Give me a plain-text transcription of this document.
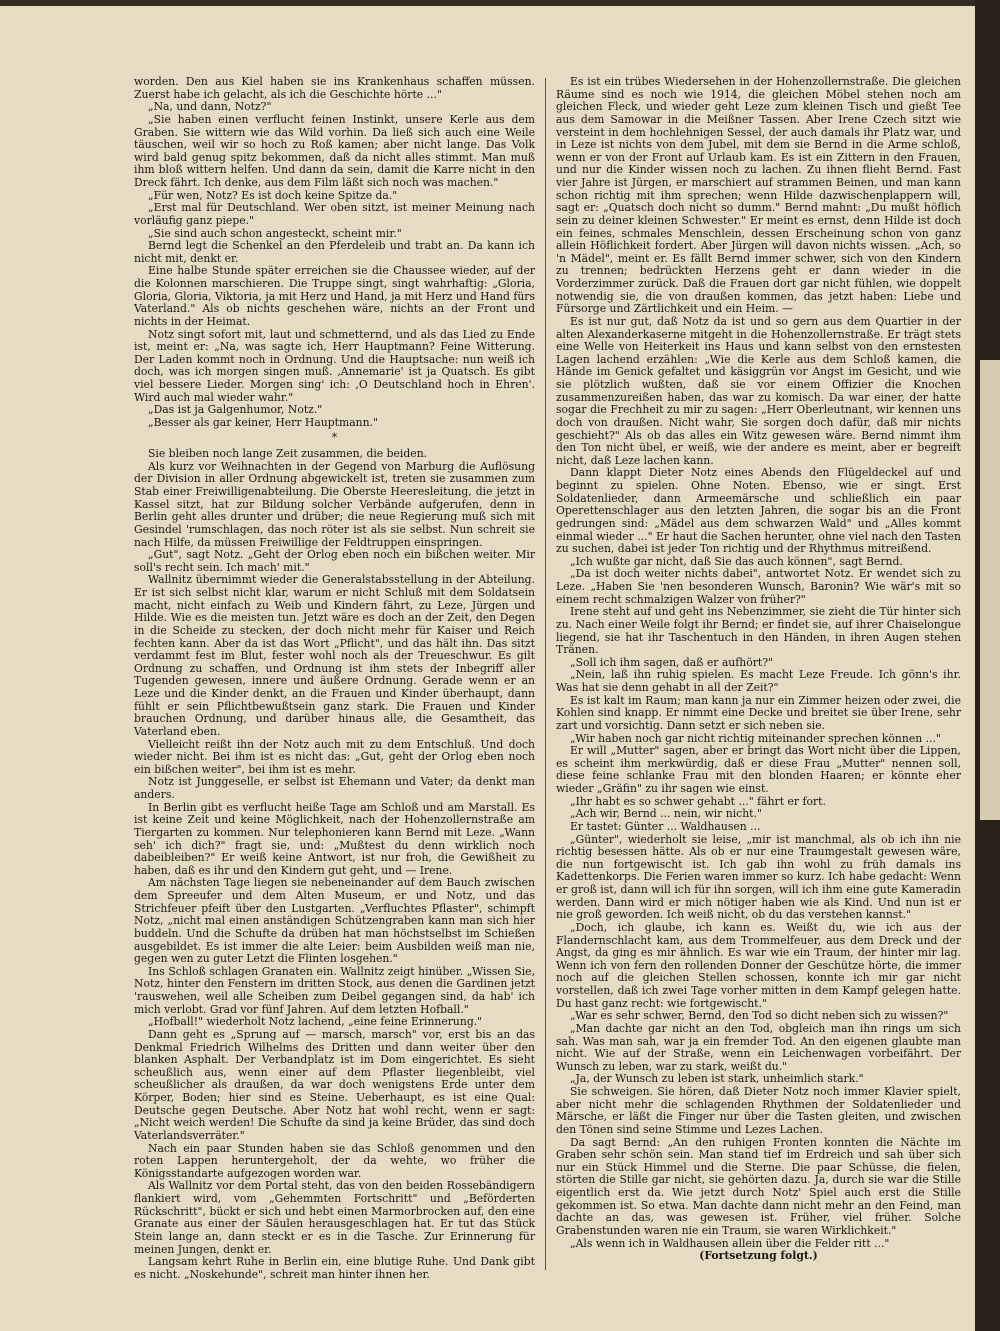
worden. Den aus Kiel haben sie ins Krankenhaus schaffen müssen. Zuerst habe ich gelacht, als ich die Geschichte hörte ..."

„Na, und dann, Notz?"

„Sie haben einen verflucht feinen Instinkt, unsere Kerle aus dem Graben. Sie wittern wie das Wild vorhin. Da ließ sich auch eine Weile täuschen, weil wir so hoch zu Roß kamen; aber nicht lange. Das Volk wird bald genug spitz bekommen, daß da nicht alles stimmt. Man muß ihm bloß wittern helfen. Und dann da sein, damit die Karre nicht in den Dreck fährt. Ich denke, aus dem Film läßt sich noch was machen."

„Für wen, Notz? Es ist doch keine Spitze da."

„Erst mal für Deutschland. Wer oben sitzt, ist meiner Meinung nach vorläufig ganz piepe."

„Sie sind auch schon angesteckt, scheint mir."

Bernd legt die Schenkel an den Pferdeleib und trabt an. Da kann ich nicht mit, denkt er.

Eine halbe Stunde später erreichen sie die Chaussee wieder, auf der die Kolonnen marschieren. Die Truppe singt, singt wahrhaftig: „Gloria, Gloria, Gloria, Viktoria, ja mit Herz und Hand, ja mit Herz und Hand fürs Vaterland." Als ob nichts geschehen wäre, nichts an der Front und nichts in der Heimat.

Notz singt sofort mit, laut und schmetternd, und als das Lied zu Ende ist, meint er: „Na, was sagte ich, Herr Hauptmann? Feine Witterung. Der Laden kommt noch in Ordnung. Und die Hauptsache: nun weiß ich doch, was ich morgen singen muß. ‚Annemarie' ist ja Quatsch. Es gibt viel bessere Lieder. Morgen sing' ich: ‚O Deutschland hoch in Ehren'. Wird auch mal wieder wahr."

„Das ist ja Galgenhumor, Notz."

„Besser als gar keiner, Herr Hauptmann."

*

Sie bleiben noch lange Zeit zusammen, die beiden.

Als kurz vor Weihnachten in der Gegend von Marburg die Auflösung der Division in aller Ordnung abgewickelt ist, treten sie zusammen zum Stab einer Freiwilligenabteilung. Die Oberste Heeresleitung, die jetzt in Kassel sitzt, hat zur Bildung solcher Verbände aufgerufen, denn in Berlin geht alles drunter und drüber; die neue Regierung muß sich mit Gesindel 'rumschlagen, das noch röter ist als sie selbst. Nun schreit sie nach Hilfe, da müssen Freiwillige der Feldtruppen einspringen.

„Gut", sagt Notz. „Geht der Orlog eben noch ein bißchen weiter. Mir soll's recht sein. Ich mach' mit."

Wallnitz übernimmt wieder die Generalstabsstellung in der Abteilung. Er ist sich selbst nicht klar, warum er nicht Schluß mit dem Soldatsein macht, nicht einfach zu Weib und Kindern fährt, zu Leze, Jürgen und Hilde. Wie es die meisten tun. Jetzt wäre es doch an der Zeit, den Degen in die Scheide zu stecken, der doch nicht mehr für Kaiser und Reich fechten kann. Aber da ist das Wort „Pflicht", und das hält ihn. Das sitzt verdammt fest im Blut, fester wohl noch als der Treueschwur. Es gilt Ordnung zu schaffen, und Ordnung ist ihm stets der Inbegriff aller Tugenden gewesen, innere und äußere Ordnung. Gerade wenn er an Leze und die Kinder denkt, an die Frauen und Kinder überhaupt, dann fühlt er sein Pflichtbewußtsein ganz stark. Die Frauen und Kinder brauchen Ordnung, und darüber hinaus alle, die Gesamtheit, das Vaterland eben.

Vielleicht reißt ihn der Notz auch mit zu dem Entschluß. Und doch wieder nicht. Bei ihm ist es nicht das: „Gut, geht der Orlog eben noch ein bißchen weiter", bei ihm ist es mehr.

Notz ist Junggeselle, er selbst ist Ehemann und Vater; da denkt man anders.

In Berlin gibt es verflucht heiße Tage am Schloß und am Marstall. Es ist keine Zeit und keine Möglichkeit, nach der Hohenzollernstraße am Tiergarten zu kommen. Nur telephonieren kann Bernd mit Leze. „Wann seh' ich dich?" fragt sie, und: „Mußtest du denn wirklich noch dabeibleiben?" Er weiß keine Antwort, ist nur froh, die Gewißheit zu haben, daß es ihr und den Kindern gut geht, und — Irene.

Am nächsten Tage liegen sie nebeneinander auf dem Bauch zwischen dem Spreeufer und dem Alten Museum, er und Notz, und das Strichfeuer pfeift über den Lustgarten. „Verfluchtes Pflaster", schimpft Notz, „nicht mal einen anständigen Schützengraben kann man sich hier buddeln. Und die Schufte da drüben hat man höchstselbst im Schießen ausgebildet. Es ist immer die alte Leier: beim Ausbilden weiß man nie, gegen wen zu guter Letzt die Flinten losgehen."

Ins Schloß schlagen Granaten ein. Wallnitz zeigt hinüber. „Wissen Sie, Notz, hinter den Fenstern im dritten Stock, aus denen die Gardinen jetzt 'rauswehen, weil alle Scheiben zum Deibel gegangen sind, da hab' ich mich verlobt. Grad vor fünf Jahren. Auf dem letzten Hofball."

„Hofball!" wiederholt Notz lachend, „eine feine Erinnerung."

Dann geht es „Sprung auf — marsch, marsch" vor, erst bis an das Denkmal Friedrich Wilhelms des Dritten und dann weiter über den blanken Asphalt. Der Verbandplatz ist im Dom eingerichtet. Es sieht scheußlich aus, wenn einer auf dem Pflaster liegenbleibt, viel scheußlicher als draußen, da war doch wenigstens Erde unter dem Körper, Boden; hier sind es Steine. Ueberhaupt, es ist eine Qual: Deutsche gegen Deutsche. Aber Notz hat wohl recht, wenn er sagt: „Nicht weich werden! Die Schufte da sind ja keine Brüder, das sind doch Vaterlandsverräter."

Nach ein paar Stunden haben sie das Schloß genommen und den roten Lappen heruntergeholt, der da wehte, wo früher die Königsstandarte aufgezogen worden war.

Als Wallnitz vor dem Portal steht, das von den beiden Rossebändigern flankiert wird, vom „Gehemmten Fortschritt" und „Beförderten Rückschritt", bückt er sich und hebt einen Marmorbrocken auf, den eine Granate aus einer der Säulen herausgeschlagen hat. Er tut das Stück Stein lange an, dann steckt er es in die Tasche. Zur Erinnerung für meinen Jungen, denkt er.

Langsam kehrt Ruhe in Berlin ein, eine blutige Ruhe. Und Dank gibt es nicht. „Noskehunde", schreit man hinter ihnen her.

Es ist ein trübes Wiedersehen in der Hohenzollernstraße. Die gleichen Räume sind es noch wie 1914, die gleichen Möbel stehen noch am gleichen Fleck, und wieder geht Leze zum kleinen Tisch und gießt Tee aus dem Samowar in die Meißner Tassen. Aber Irene Czech sitzt wie versteint in dem hochlehnigen Sessel, der auch damals ihr Platz war, und in Leze ist nichts von dem Jubel, mit dem sie Bernd in die Arme schloß, wenn er von der Front auf Urlaub kam. Es ist ein Zittern in den Frauen, und nur die Kinder wissen noch zu lachen. Zu ihnen flieht Bernd. Fast vier Jahre ist Jürgen, er marschiert auf strammen Beinen, und man kann schon richtig mit ihm sprechen; wenn Hilde dazwischenplappern will, sagt er: „Quatsch doch nicht so dumm." Bernd mahnt: „Du mußt höflich sein zu deiner kleinen Schwester." Er meint es ernst, denn Hilde ist doch ein feines, schmales Menschlein, dessen Erscheinung schon von ganz allein Höflichkeit fordert. Aber Jürgen will davon nichts wissen. „Ach, so 'n Mädel", meint er. Es fällt Bernd immer schwer, sich von den Kindern zu trennen; bedrückten Herzens geht er dann wieder in die Vorderzimmer zurück. Daß die Frauen dort gar nicht fühlen, wie doppelt notwendig sie, die von draußen kommen, das jetzt haben: Liebe und Fürsorge und Zärtlichkeit und ein Heim. —

Es ist nur gut, daß Notz da ist und so gern aus dem Quartier in der alten Alexanderkaserne mitgeht in die Hohenzollernstraße. Er trägt stets eine Welle von Heiterkeit ins Haus und kann selbst von den ernstesten Lagen lachend erzählen: „Wie die Kerle aus dem Schloß kamen, die Hände im Genick gefaltet und käsiggrün vor Angst im Gesicht, und wie sie plötzlich wußten, daß sie vor einem Offizier die Knochen zusammenzureißen haben, das war zu komisch. Da war einer, der hatte sogar die Frechheit zu mir zu sagen: „Herr Oberleutnant, wir kennen uns doch von draußen. Nicht wahr, Sie sorgen doch dafür, daß mir nichts geschieht?" Als ob das alles ein Witz gewesen wäre. Bernd nimmt ihm den Ton nicht übel, er weiß, wie der andere es meint, aber er begreift nicht, daß Leze lachen kann.

Dann klappt Dieter Notz eines Abends den Flügeldeckel auf und beginnt zu spielen. Ohne Noten. Ebenso, wie er singt. Erst Soldatenlieder, dann Armeemärsche und schließlich ein paar Operettenschlager aus den letzten Jahren, die sogar bis an die Front gedrungen sind: „Mädel aus dem schwarzen Wald" und „Alles kommt einmal wieder ..." Er haut die Sachen herunter, ohne viel nach den Tasten zu suchen, dabei ist jeder Ton richtig und der Rhythmus mitreißend.

„Ich wußte gar nicht, daß Sie das auch können", sagt Bernd.

„Da ist doch weiter nichts dabei", antwortet Notz. Er wendet sich zu Leze. „Haben Sie 'nen besonderen Wunsch, Baronin? Wie wär's mit so einem recht schmalzigen Walzer von früher?"

Irene steht auf und geht ins Nebenzimmer, sie zieht die Tür hinter sich zu. Nach einer Weile folgt ihr Bernd; er findet sie, auf ihrer Chaiselongue liegend, sie hat ihr Taschentuch in den Händen, in ihren Augen stehen Tränen.

„Soll ich ihm sagen, daß er aufhört?"

„Nein, laß ihn ruhig spielen. Es macht Leze Freude. Ich gönn's ihr. Was hat sie denn gehabt in all der Zeit?"

Es ist kalt im Raum; man kann ja nur ein Zimmer heizen oder zwei, die Kohlen sind knapp. Er nimmt eine Decke und breitet sie über Irene, sehr zart und vorsichtig. Dann setzt er sich neben sie.

„Wir haben noch gar nicht richtig miteinander sprechen können ..."

Er will „Mutter" sagen, aber er bringt das Wort nicht über die Lippen, es scheint ihm merkwürdig, daß er diese Frau „Mutter" nennen soll, diese feine schlanke Frau mit den blonden Haaren; er könnte eher wieder „Gräfin" zu ihr sagen wie einst.

„Ihr habt es so schwer gehabt ..." fährt er fort.

„Ach wir, Bernd ... nein, wir nicht."

Er tastet: Günter ... Waldhausen ...

„Günter", wiederholt sie leise, „mir ist manchmal, als ob ich ihn nie richtig besessen hätte. Als ob er nur eine Traumgestalt gewesen wäre, die nun fortgewischt ist. Ich gab ihn wohl zu früh damals ins Kadettenkorps. Die Ferien waren immer so kurz. Ich habe gedacht: Wenn er groß ist, dann will ich für ihn sorgen, will ich ihm eine gute Kameradin werden. Dann wird er mich nötiger haben wie als Kind. Und nun ist er nie groß geworden. Ich weiß nicht, ob du das verstehen kannst."

„Doch, ich glaube, ich kann es. Weißt du, wie ich aus der Flandernschlacht kam, aus dem Trommelfeuer, aus dem Dreck und der Angst, da ging es mir ähnlich. Es war wie ein Traum, der hinter mir lag. Wenn ich von fern den rollenden Donner der Geschütze hörte, die immer noch auf die gleichen Stellen schossen, konnte ich mir gar nicht vorstellen, daß ich zwei Tage vorher mitten in dem Kampf gelegen hatte. Du hast ganz recht: wie fortgewischt."

„War es sehr schwer, Bernd, den Tod so dicht neben sich zu wissen?"

„Man dachte gar nicht an den Tod, obgleich man ihn rings um sich sah. Was man sah, war ja ein fremder Tod. An den eigenen glaubte man nicht. Wie auf der Straße, wenn ein Leichenwagen vorbeifährt. Der Wunsch zu leben, war zu stark, weißt du."

„Ja, der Wunsch zu leben ist stark, unheimlich stark."

Sie schweigen. Sie hören, daß Dieter Notz noch immer Klavier spielt, aber nicht mehr die schlagenden Rhythmen der Soldatenlieder und Märsche, er läßt die Finger nur über die Tasten gleiten, und zwischen den Tönen sind seine Stimme und Lezes Lachen.

Da sagt Bernd: „An den ruhigen Fronten konnten die Nächte im Graben sehr schön sein. Man stand tief im Erdreich und sah über sich nur ein Stück Himmel und die Sterne. Die paar Schüsse, die fielen, störten die Stille gar nicht, sie gehörten dazu. Ja, durch sie war die Stille eigentlich erst da. Wie jetzt durch Notz' Spiel auch erst die Stille gekommen ist. So etwa. Man dachte dann nicht mehr an den Feind, man dachte an das, was gewesen ist. Früher, viel früher. Solche Grabenstunden waren nie ein Traum, sie waren Wirklichkeit."

„Als wenn ich in Waldhausen allein über die Felder ritt ..."

(Fortsetzung folgt.)
